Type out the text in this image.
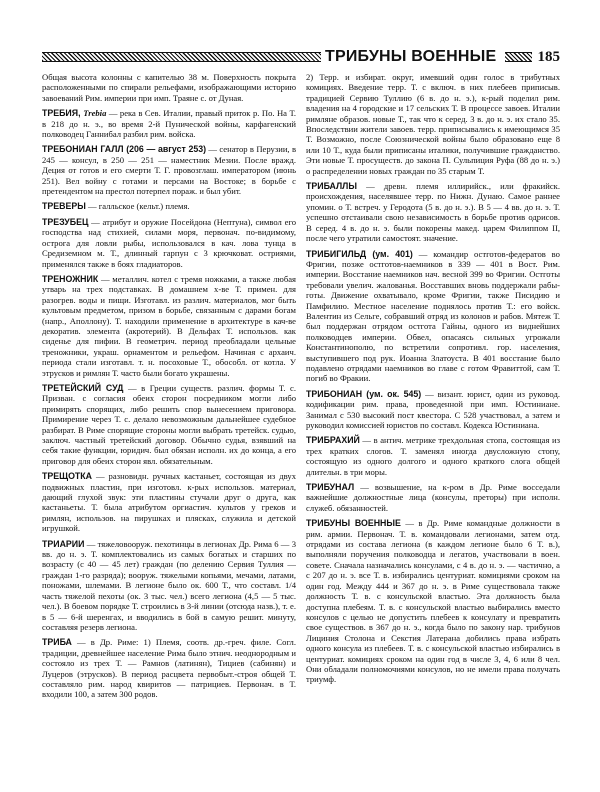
ТРИБУНЫ ВОЕННЫЕ	185

Общая высота колонны с капителью 38 м. Поверхность покрыта расположенными по спирали рельефами, изображающими историю завоеваний Рим. империи при имп. Траяне с. от Дуная.

ТРЕБИЯ, Trebia — река в Сев. Италии, правый приток р. По. На Т. в 218 до н. э., во время 2-й Пунической войны, карфагенский полководец Ганнибал разбил рим. войска.

ТРЕБОНИАН ГАЛЛ (206 — август 253) — сенатор в Перузии, в 245 — консул, в 250 — 251 — наместник Мезии. После вражд. Деция от готов и его смерти Т. Г. провозглаш. императором (июнь 251). Вел войну с готами и персами на Востоке; в борьбе с претендентом на престол потерпел пораж. и был убит.

ТРЕВЕРЫ — галльское (кельт.) племя.

ТРЕЗУБЕЦ — атрибут и оружие Посейдона (Нептуна), символ его господства над стихией, силами моря, первонач. по-видимому, острога для ловли рыбы, использовался в кач. лова тунца в Средиземном м. Т., длинный гарпун с 3 крючковат. остриями, применялся также в боях гладиаторов.

ТРЕНОЖНИК — металлич. котел с тремя ножками, а также любая утварь на трех подставках. В домашнем х-ве Т. примен. для разогрев. воды и пищи. Изготавл. из различ. материалов, мог быть культовым предметом, призом в борьбе, связанным с дарами богам (напр., Аполлону). Т. находили применение в архитектуре в кач-ве декоратив. элемента (акротерий). В Дельфах Т. использов. как сиденье для пифии. В геометрич. период преобладали цельные треножники, украш. орнаментом и рельефом. Начиная с архаич. периода стали изготавл. т. н. посоховые Т., обособл. от котла. У этрусков и римлян Т. часто были богато украшены.

ТРЕТЕЙСКИЙ СУД — в Греции существ. различ. формы Т. с. Призван. с согласия обеих сторон посредником могли либо примирять спорящих, либо решить спор вынесением приговора. Примирение через Т. с. делало невозможным дальнейшее судебное разбират. В Риме спорящие стороны могли выбрать третейск. судью, заключ. частный третейский договор. Обычно судья, взявший на себя такие функции, юридич. был обязан исполн. их до конца, а его приговор для обеих сторон явл. обязательным.

ТРЕЩОТКА — разновидн. ручных кастаньет, состоящая из двух подвижных пластин, при изготовл. к-рых использов. материал, дающий глухой звук: эти пластины стучали друг о друга, как кастаньеты. Т. была атрибутом оргиастич. культов у греков и римлян, использов. на пирушках и плясках, служила и детской игрушкой.

ТРИАРИИ — тяжеловооруж. пехотинцы в легионах Др. Рима 6 — 3 вв. до н. э. Т. комплектовались из самых богатых и старших по возрасту (с 40 — 45 лет) граждан (по делению Сервия Туллия — граждан 1-го разряда); вооруж. тяжелыми копьями, мечами, латами, поножами, шлемами. В легионе было ок. 600 Т., что составл. 1/4 часть тяжелой пехоты (ок. 3 тыс. чел.) всего легиона (4,5 — 5 тыс. чел.). В боевом порядке Т. строились в 3-й линии (отсюда назв.), т. е. в 5 — 6-й шеренгах, и вводились в бой в самую решит. минуту, составляя резерв легиона.

ТРИБА — в Др. Риме: 1) Племя, соотв. др.-греч. филе. Согл. традиции, древнейшее население Рима было этнич. неоднородным и состояло из трех Т. — Рамнов (латинян), Тициев (сабинян) и Луцеров (этрусков). В период расцвета первобыт.-строя общей Т. составляло рим. народ квиритов — патрициев. Первонач. в Т. входили 100, а затем 300 родов.

2) Терр. и избират. округ, имевший один голос в трибутных комициях. Введение терр. Т. с включ. в них плебеев приписыв. традицией Сервию Туллию (6 в. до н. э.), к-рый поделил рим. владения на 4 городские и 17 сельских Т. В процессе завоев. Италии римляне образов. новые Т., так что к серед. 3 в. до н. э. их стало 35. Впоследствии жители завоев. терр. приписывались к имеющимся 35 Т. Возможно, после Союзнической войны было образовано еще 8 или 10 Т., куда были приписаны италики, получившие гражданство. Эти новые Т. просуществ. до закона П. Сульпиция Руфа (88 до н. э.) о распределении новых граждан по 35 старым Т.

ТРИБАЛЛЫ — древн. племя иллирийск., или фракийск. происхождения, населявшее терр. по Нижн. Дунаю. Самое раннее упомин. о Т. встреч. у Геродота (5 в. до н. э.). В 5 — 4 вв. до н. э. Т. успешно отстаивали свою независимость в борьбе против одрисов. В серед. 4 в. до н. э. были покорены макед. царем Филиппом II, после чего утратили самостоят. значение.

ТРИБИГИЛЬД (ум. 401) — командир остготов-федератов во Фригии, позже остготов-наемников в 339 — 401 в Вост. Рим. империи. Восстание наемников нач. весной 399 во Фригии. Остготы требовали увелич. жалованья. Восставших вновь поддержали рабы-готы. Движение охватывало, кроме Фригии, также Писидию и Памфилию. Местное население поднялось против Т.: его войск. Валентин из Сельге, собравший отряд из колонов и рабов. Мятеж Т. был поддержан отрядом остгота Гайны, одного из виднейших полководцев империи. Обвел, опасаясь сильных угрожали Константинополю, по встретили сопротивл. гор. населения, выступившего под рук. Иоанна Златоуста. В 401 восстание было подавлено отрядами наемников во главе с готом Фравиттой, сам Т. погиб во Фракии.

ТРИБОНИАН (ум. ок. 545) — визант. юрист, один из руковод. кодификации рим. права, проведенной при имп. Юстиниане. Занимал с 530 высокий пост квестора. С 528 участвовал, а затем и руководил комиссией юристов по составл. Кодекса Юстиниана.

ТРИБРАХИЙ — в антич. метрике трехдольная стопа, состоящая из трех кратких слогов. Т. заменял иногда двусложную стопу, состоящую из одного долгого и одного краткого слога общей длительн. в три моры.

ТРИБУНАЛ — возвышение, на к-ром в Др. Риме восседали важнейшие должностные лица (консулы, преторы) при исполн. служеб. обязанностей.

ТРИБУНЫ ВОЕННЫЕ — в Др. Риме командные должности в рим. армии. Первонач. Т. в. командовали легионами, затем отд. отрядами из состава легиона (в каждом легионе было 6 Т. в.), выполняли поручения полководца и легатов, участвовали в воен. совете. Сначала назначались консулами, с 4 в. до н. э. — частично, а с 207 до н. э. все Т. в. избирались центуриат. комициями сроком на один год. Между 444 и 367 до н. э. в Риме существовала также должность Т. в. с консульской властью. Эта должность была доступна плебеям. Т. в. с консульской властью выбирались вместо консулов с целью не допустить плебеев к консулату и превратить свое существов. в 367 до н. э., когда было по закону нар. трибунов Лициния Столона и Секстия Латерана добились права избрать одного консула из плебеев. Т. в. с консульской властью избирались в центуриат. комициях сроком на один год в числе 3, 4, 6 или 8 чел. Они обладали полномочиями консулов, но не имели права получать триумф.
